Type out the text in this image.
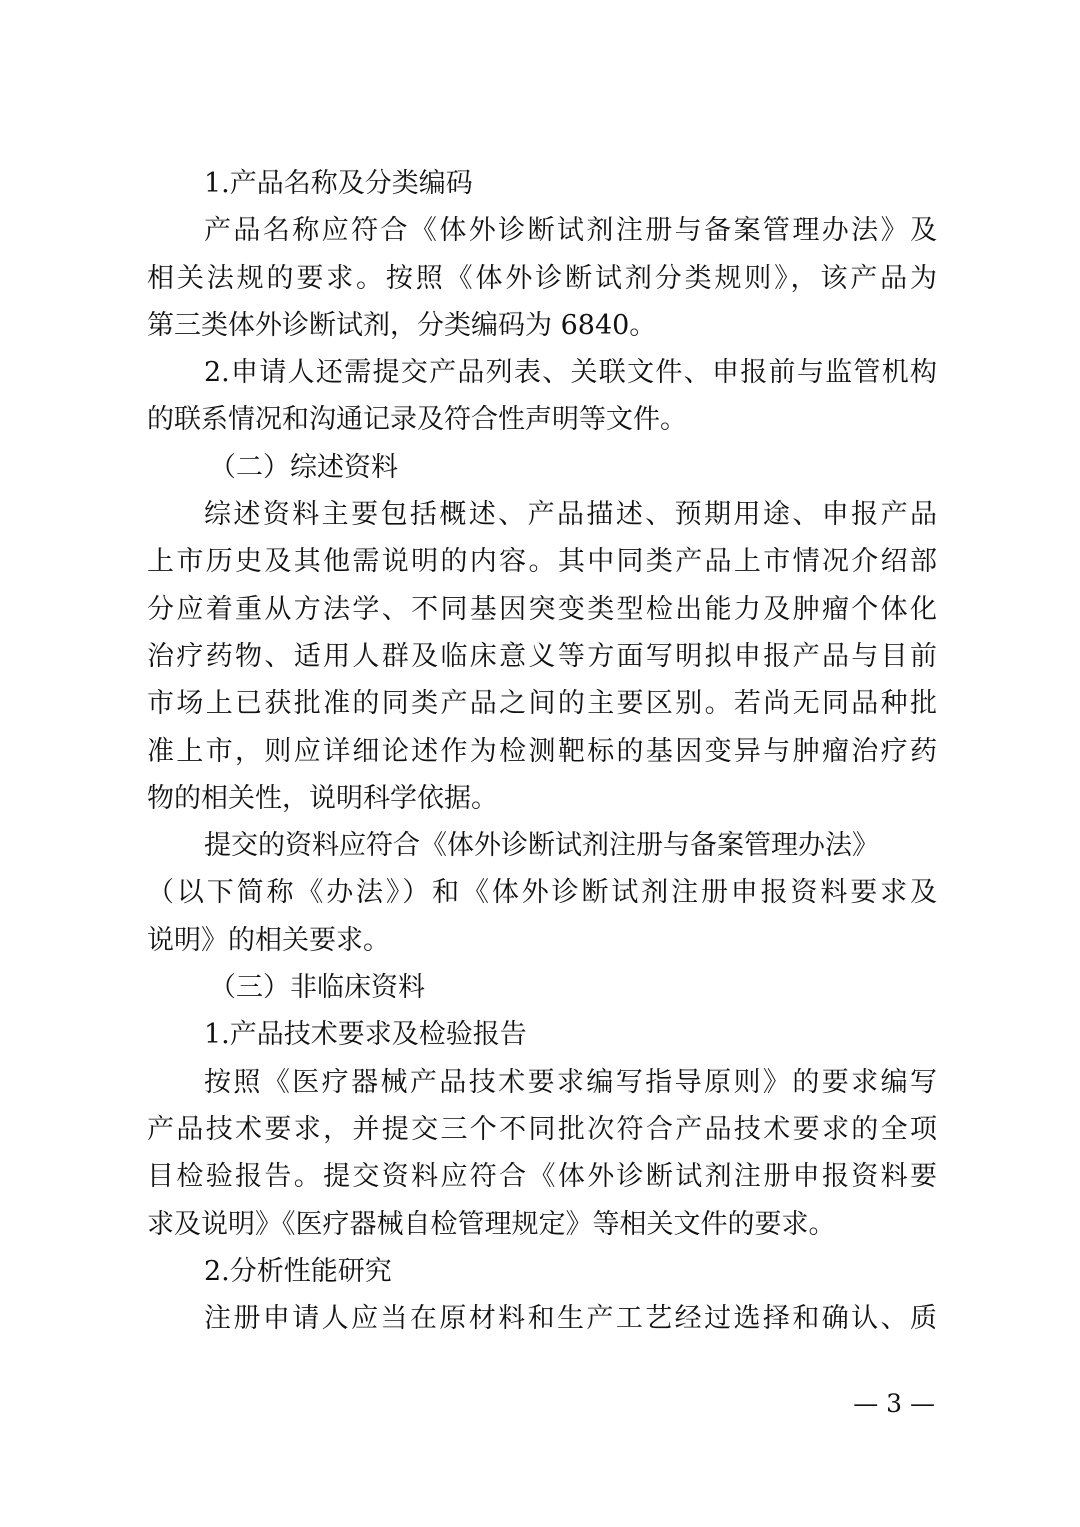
1.产品名称及分类编码
产品名称应符合《体外诊断试剂注册与备案管理办法》及
相关法规的要求。按照《体外诊断试剂分类规则》，该产品为
第三类体外诊断试剂，分类编码为 6840。
2.申请人还需提交产品列表、关联文件、申报前与监管机构
的联系情况和沟通记录及符合性声明等文件。
（二）综述资料
综述资料主要包括概述、产品描述、预期用途、申报产品
上市历史及其他需说明的内容。其中同类产品上市情况介绍部
分应着重从方法学、不同基因突变类型检出能力及肿瘤个体化
治疗药物、适用人群及临床意义等方面写明拟申报产品与目前
市场上已获批准的同类产品之间的主要区别。若尚无同品种批
准上市，则应详细论述作为检测靶标的基因变异与肿瘤治疗药
物的相关性，说明科学依据。
提交的资料应符合《体外诊断试剂注册与备案管理办法》
（以下简称《办法》）和《体外诊断试剂注册申报资料要求及
说明》的相关要求。
（三）非临床资料
1.产品技术要求及检验报告
按照《医疗器械产品技术要求编写指导原则》的要求编写
产品技术要求，并提交三个不同批次符合产品技术要求的全项
目检验报告。提交资料应符合《体外诊断试剂注册申报资料要
求及说明》《医疗器械自检管理规定》等相关文件的要求。
2.分析性能研究
注册申请人应当在原材料和生产工艺经过选择和确认、质
— 3 —
